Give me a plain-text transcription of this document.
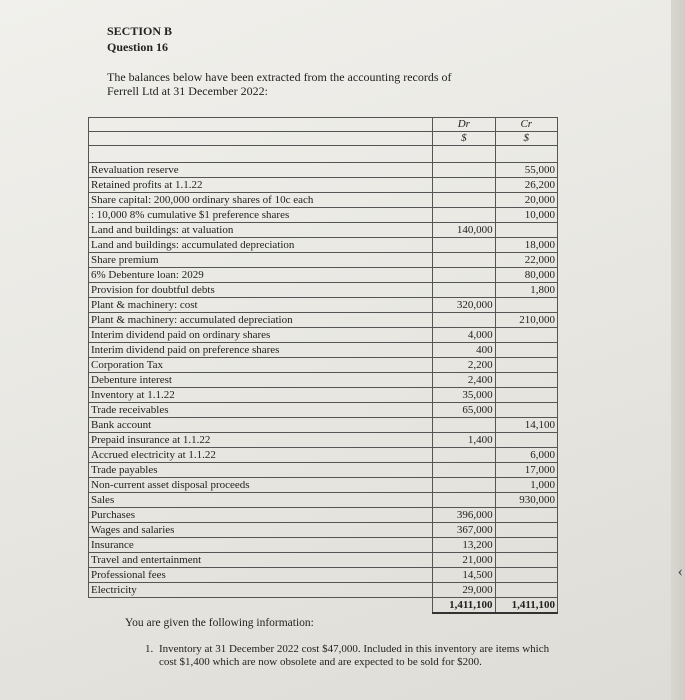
SECTION B
Question 16
The balances below have been extracted from the accounting records of Ferrell Ltd at 31 December 2022:
	Dr	Cr
	$	$

Revaluation reserve		55,000
Retained profits at 1.1.22		26,200
Share capital: 200,000 ordinary shares of 10c each		20,000
: 10,000 8% cumulative $1 preference shares		10,000
Land and buildings: at valuation	140,000	
Land and buildings: accumulated depreciation		18,000
Share premium		22,000
6% Debenture loan: 2029		80,000
Provision for doubtful debts		1,800
Plant & machinery: cost	320,000	
Plant & machinery: accumulated depreciation		210,000
Interim dividend paid on ordinary shares	4,000	
Interim dividend paid on preference shares	400	
Corporation Tax	2,200	
Debenture interest	2,400	
Inventory at 1.1.22	35,000	
Trade receivables	65,000	
Bank account		14,100
Prepaid insurance at 1.1.22	1,400	
Accrued electricity at 1.1.22		6,000
Trade payables		17,000
Non-current asset disposal proceeds		1,000
Sales		930,000
Purchases	396,000	
Wages and salaries	367,000	
Insurance	13,200	
Travel and entertainment	21,000	
Professional fees	14,500	
Electricity	29,000	
	1,411,100	1,411,100
You are given the following information:
1. Inventory at 31 December 2022 cost $47,000. Included in this inventory are items which cost $1,400 which are now obsolete and are expected to be sold for $200.
‹
